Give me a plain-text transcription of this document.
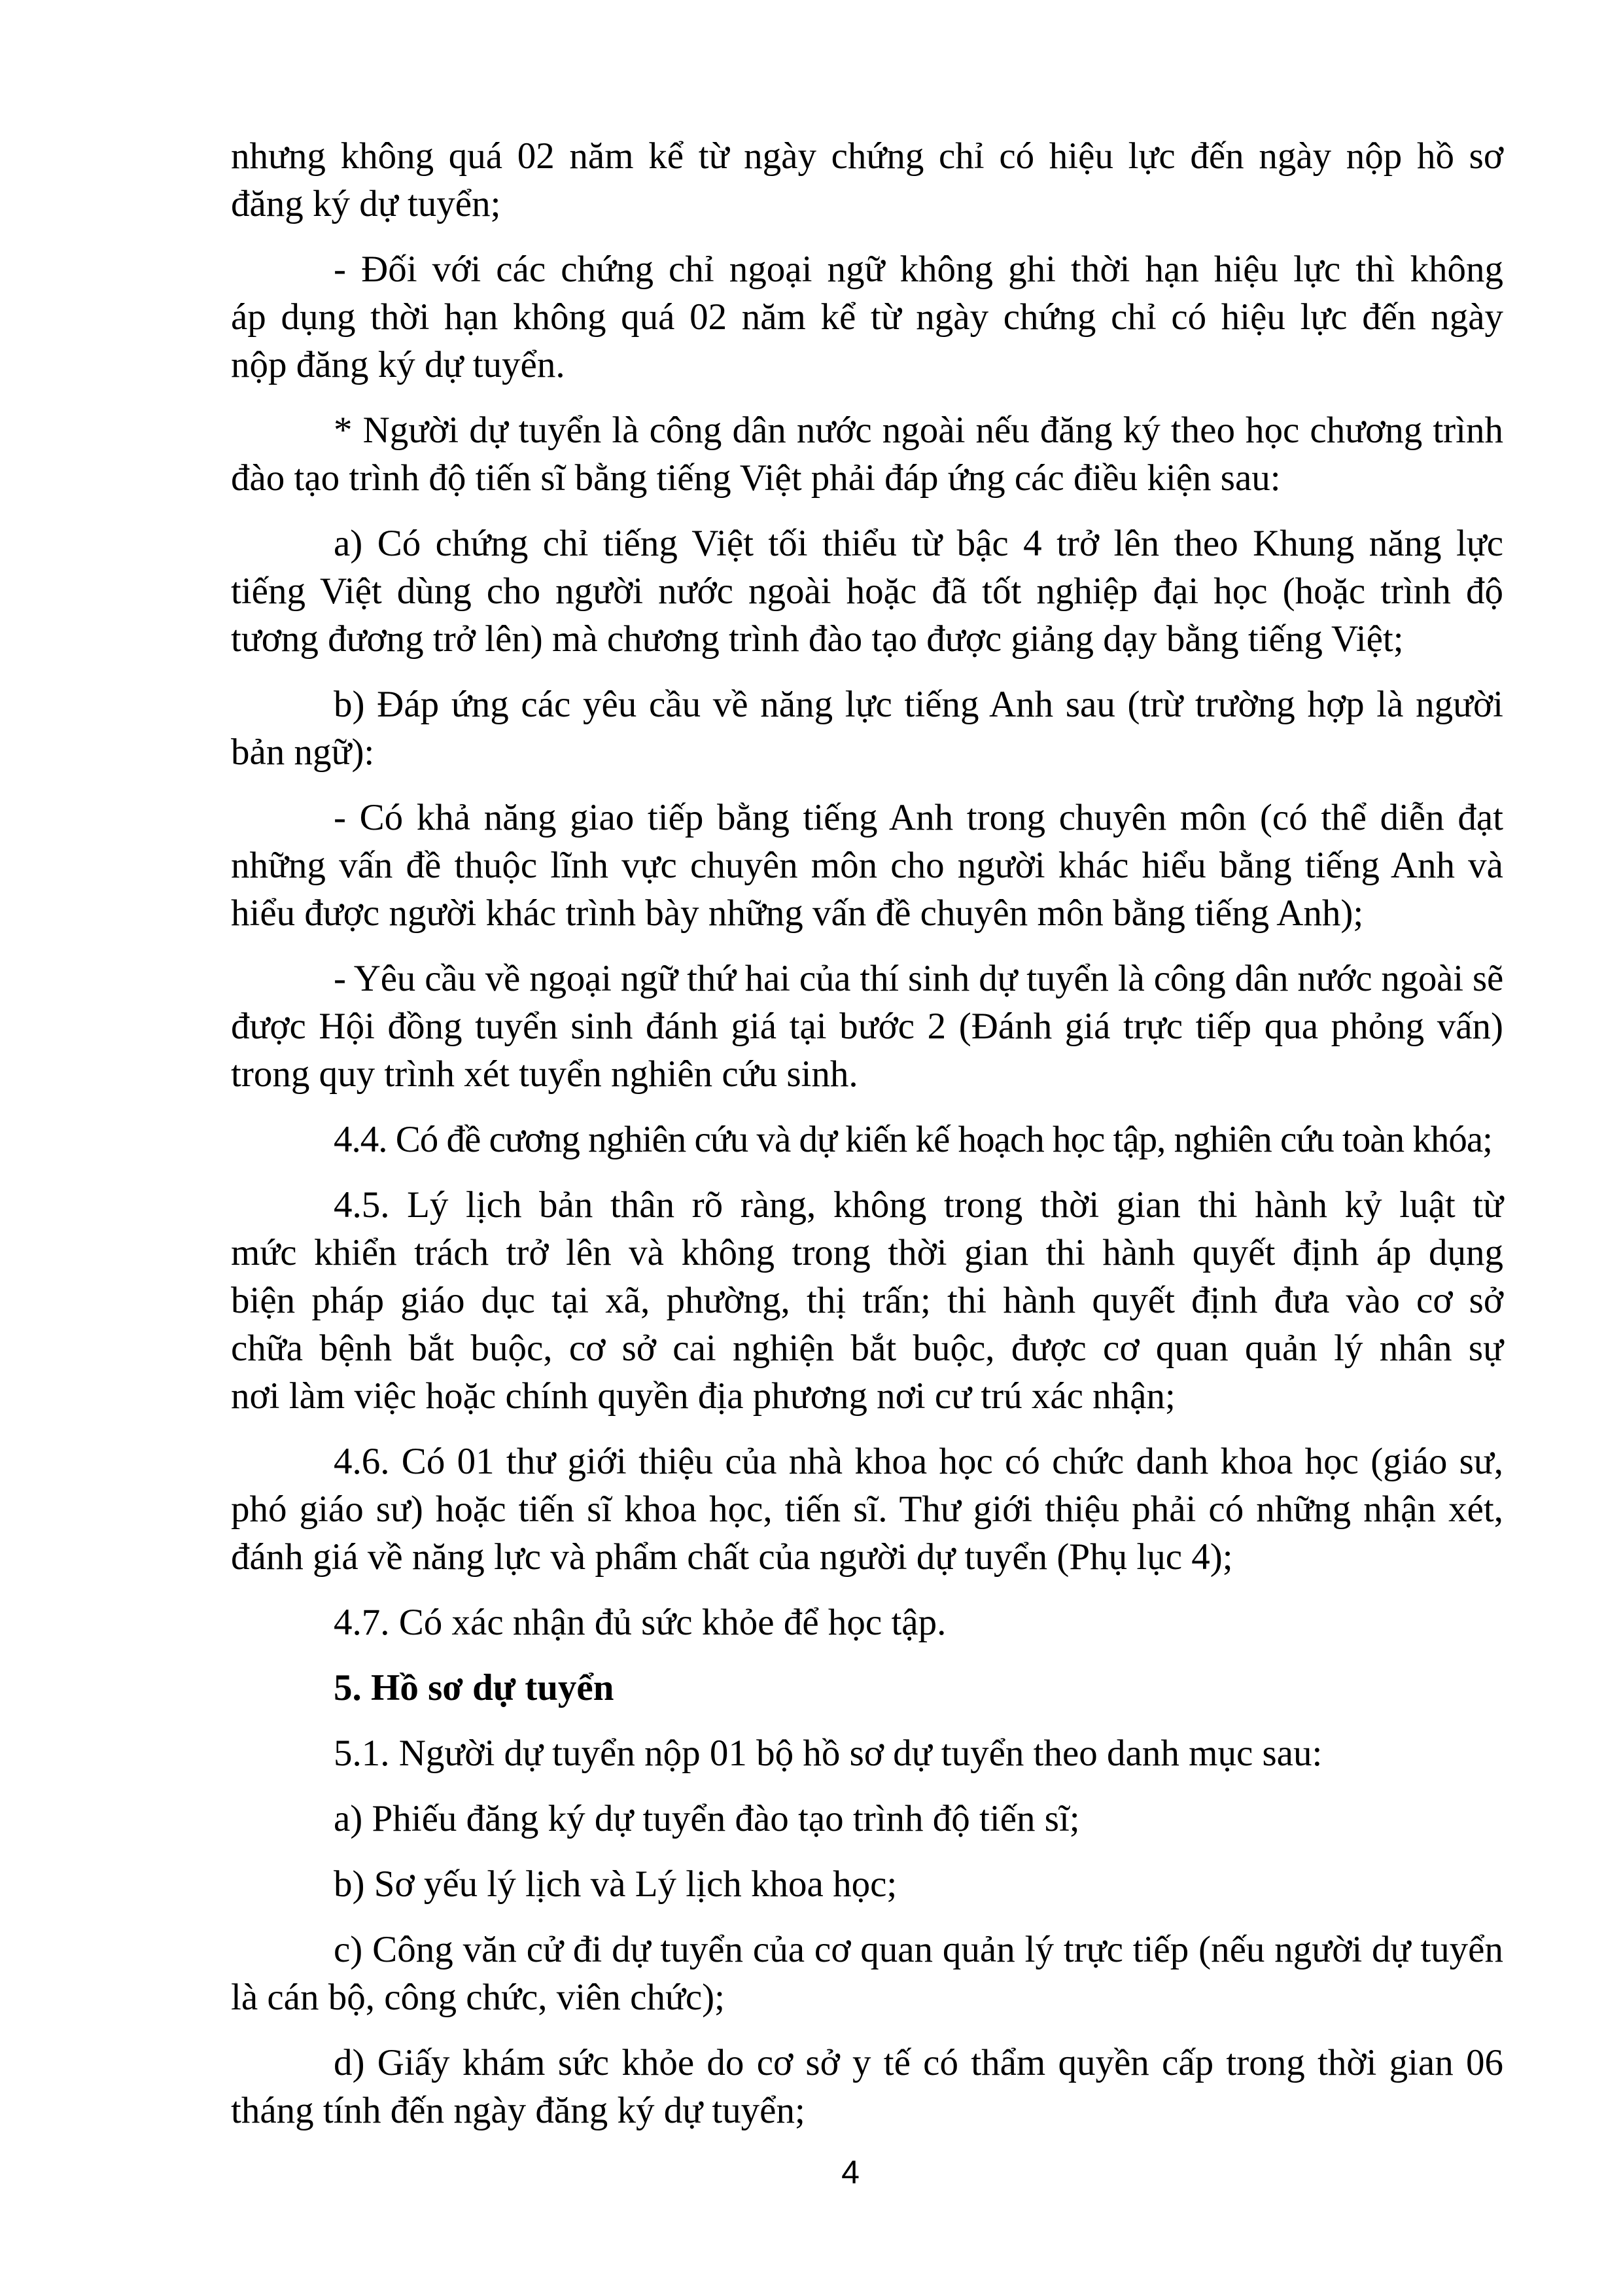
nhưng không quá 02 năm kể từ ngày chứng chỉ có hiệu lực đến ngày nộp hồ sơ
đăng ký dự tuyển;
- Đối với các chứng chỉ ngoại ngữ không ghi thời hạn hiệu lực thì không
áp dụng thời hạn không quá 02 năm kể từ ngày chứng chỉ có hiệu lực đến ngày
nộp đăng ký dự tuyển.
* Người dự tuyển là công dân nước ngoài nếu đăng ký theo học chương trình
đào tạo trình độ tiến sĩ bằng tiếng Việt phải đáp ứng các điều kiện sau:
a) Có chứng chỉ tiếng Việt tối thiểu từ bậc 4 trở lên theo Khung năng lực
tiếng Việt dùng cho người nước ngoài hoặc đã tốt nghiệp đại học (hoặc trình độ
tương đương trở lên) mà chương trình đào tạo được giảng dạy bằng tiếng Việt;
b) Đáp ứng các yêu cầu về năng lực tiếng Anh sau (trừ trường hợp là người
bản ngữ):
- Có khả năng giao tiếp bằng tiếng Anh trong chuyên môn (có thể diễn đạt
những vấn đề thuộc lĩnh vực chuyên môn cho người khác hiểu bằng tiếng Anh và
hiểu được người khác trình bày những vấn đề chuyên môn bằng tiếng Anh);
- Yêu cầu về ngoại ngữ thứ hai của thí sinh dự tuyển là công dân nước ngoài sẽ
được Hội đồng tuyển sinh đánh giá tại bước 2 (Đánh giá trực tiếp qua phỏng vấn)
trong quy trình xét tuyển nghiên cứu sinh.
4.4. Có đề cương nghiên cứu và dự kiến kế hoạch học tập, nghiên cứu toàn khóa;
4.5. Lý lịch bản thân rõ ràng, không trong thời gian thi hành kỷ luật từ
mức khiển trách trở lên và không trong thời gian thi hành quyết định áp dụng
biện pháp giáo dục tại xã, phường, thị trấn; thi hành quyết định đưa vào cơ sở
chữa bệnh bắt buộc, cơ sở cai nghiện bắt buộc, được cơ quan quản lý nhân sự
nơi làm việc hoặc chính quyền địa phương nơi cư trú xác nhận;
4.6. Có 01 thư giới thiệu của nhà khoa học có chức danh khoa học (giáo sư,
phó giáo sư) hoặc tiến sĩ khoa học, tiến sĩ. Thư giới thiệu phải có những nhận xét,
đánh giá về năng lực và phẩm chất của người dự tuyển (Phụ lục 4);
4.7. Có xác nhận đủ sức khỏe để học tập.
5. Hồ sơ dự tuyển
5.1. Người dự tuyển nộp 01 bộ hồ sơ dự tuyển theo danh mục sau:
a) Phiếu đăng ký dự tuyển đào tạo trình độ tiến sĩ;
b) Sơ yếu lý lịch và Lý lịch khoa học;
c) Công văn cử đi dự tuyển của cơ quan quản lý trực tiếp (nếu người dự tuyển
là cán bộ, công chức, viên chức);
d) Giấy khám sức khỏe do cơ sở y tế có thẩm quyền cấp trong thời gian 06
tháng tính đến ngày đăng ký dự tuyển;
4
